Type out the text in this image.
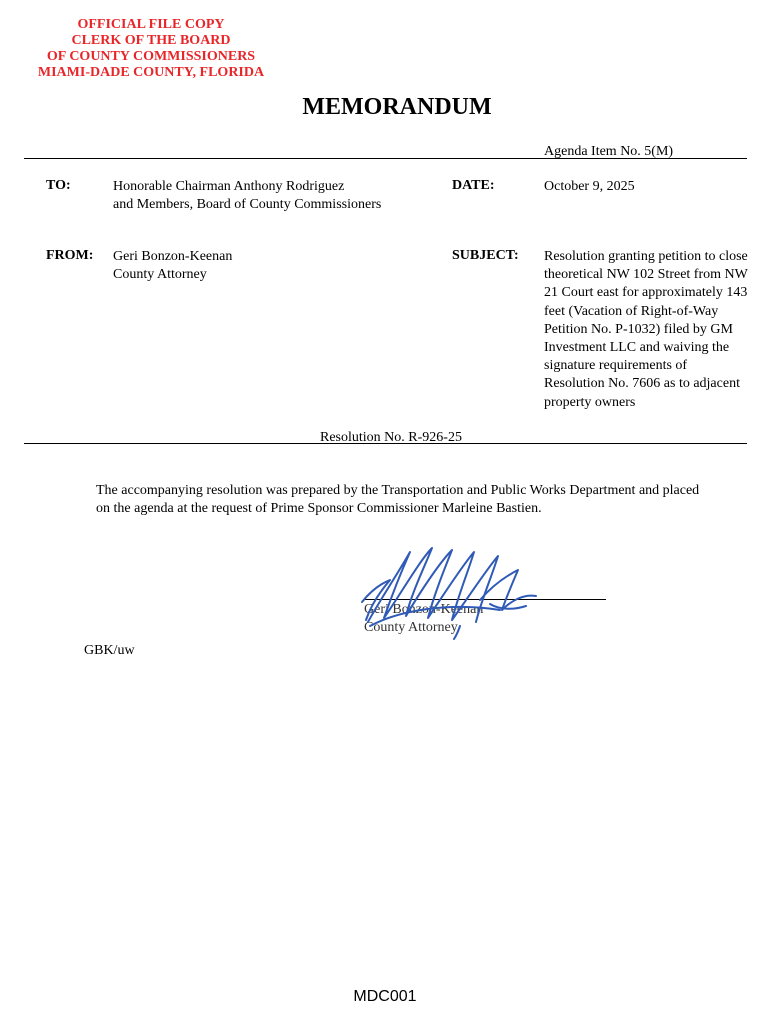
OFFICIAL FILE COPY
CLERK OF THE BOARD
OF COUNTY COMMISSIONERS
MIAMI-DADE COUNTY, FLORIDA
MEMORANDUM
Agenda Item No. 5(M)
TO:	Honorable Chairman Anthony Rodriguez
and Members, Board of County Commissioners
DATE:	October 9, 2025
FROM: Geri Bonzon-Keenan
County Attorney
SUBJECT: Resolution granting petition to close theoretical NW 102 Street from NW 21 Court east for approximately 143 feet (Vacation of Right-of-Way Petition No. P-1032) filed by GM Investment LLC and waiving the signature requirements of Resolution No. 7606 as to adjacent property owners
Resolution No. R-926-25
The accompanying resolution was prepared by the Transportation and Public Works Department and placed on the agenda at the request of Prime Sponsor Commissioner Marleine Bastien.
Geri Bonzon-Keenan
County Attorney
GBK/uw
MDC001
